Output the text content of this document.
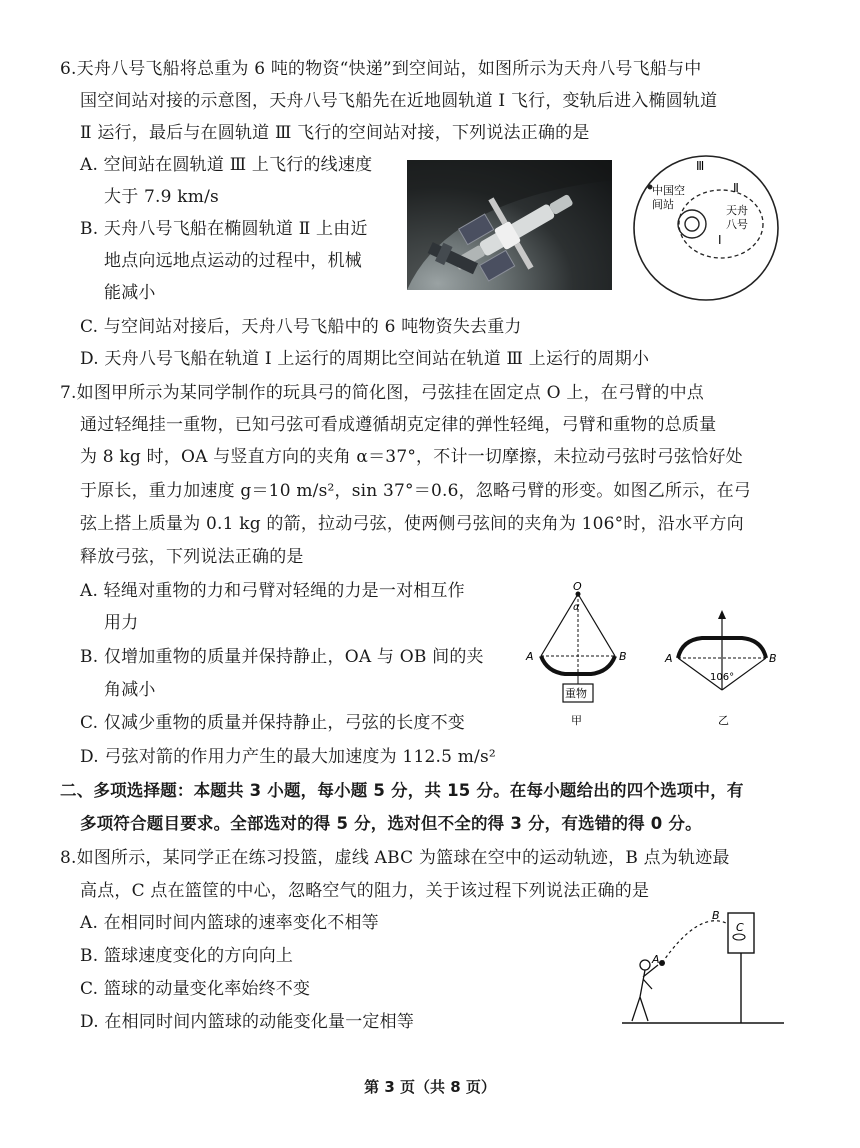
6.天舟八号飞船将总重为 6 吨的物资“快递”到空间站，如图所示为天舟八号飞船与中
国空间站对接的示意图，天舟八号飞船先在近地圆轨道 Ⅰ 飞行，变轨后进入椭圆轨道
Ⅱ 运行，最后与在圆轨道 Ⅲ 飞行的空间站对接，下列说法正确的是
A. 空间站在圆轨道 Ⅲ 上飞行的线速度
大于 7.9 km/s
B. 天舟八号飞船在椭圆轨道 Ⅱ 上由近
地点向远地点运动的过程中，机械
能减小
C. 与空间站对接后，天舟八号飞船中的 6 吨物资失去重力
D. 天舟八号飞船在轨道 Ⅰ 上运行的周期比空间站在轨道 Ⅲ 上运行的周期小
Ⅲ
Ⅱ
Ⅰ
中国空
间站	天舟
八号
7.如图甲所示为某同学制作的玩具弓的简化图，弓弦挂在固定点 O 上，在弓臂的中点
通过轻绳挂一重物，已知弓弦可看成遵循胡克定律的弹性轻绳，弓臂和重物的总质量
为 8 kg 时，OA 与竖直方向的夹角 α＝37°，不计一切摩擦，未拉动弓弦时弓弦恰好处
于原长，重力加速度 g＝10 m/s²，sin 37°＝0.6，忽略弓臂的形变。如图乙所示，在弓
弦上搭上质量为 0.1 kg 的箭，拉动弓弦，使两侧弓弦间的夹角为 106°时，沿水平方向
释放弓弦，下列说法正确的是
A. 轻绳对重物的力和弓臂对轻绳的力是一对相互作
用力
B. 仅增加重物的质量并保持静止，OA 与 OB 间的夹
角减小
C. 仅减少重物的质量并保持静止，弓弦的长度不变
D. 弓弦对箭的作用力产生的最大加速度为 112.5 m/s²
O
α
A	B
重物
甲
A	B
106°
乙
二、多项选择题：本题共 3 小题，每小题 5 分，共 15 分。在每小题给出的四个选项中，有
多项符合题目要求。全部选对的得 5 分，选对但不全的得 3 分，有选错的得 0 分。
8.如图所示，某同学正在练习投篮，虚线 ABC 为篮球在空中的运动轨迹，B 点为轨迹最
高点，C 点在篮筐的中心，忽略空气的阻力，关于该过程下列说法正确的是
A. 在相同时间内篮球的速率变化不相等
B. 篮球速度变化的方向向上
C. 篮球的动量变化率始终不变
D. 在相同时间内篮球的动能变化量一定相等
A
B
C
第 3 页（共 8 页）
